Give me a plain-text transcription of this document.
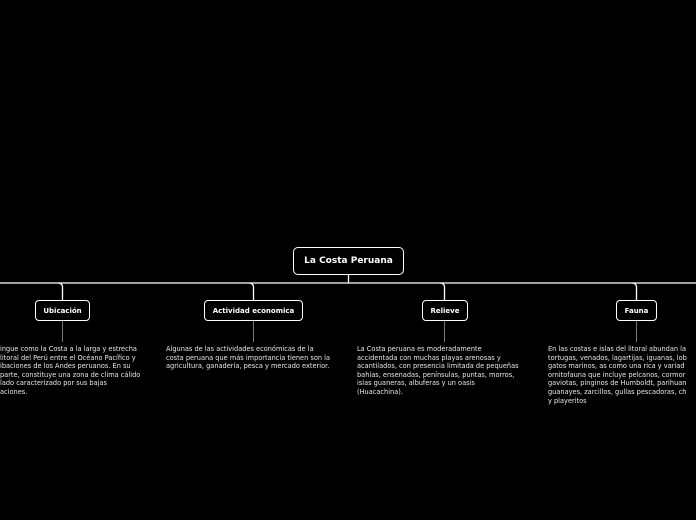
La Costa Peruana
Ubicación	Actividad economica	Relieve	Fauna
ingue como la Costa a la larga y estrecha
litoral del Perú entre el Océano Pacífico y
ibaciones de los Andes peruanos. En su
parte, constituye una zona de clima cálido
lado caracterizado por sus bajas
aciones.
Algunas de las actividades económicas de la
costa peruana que más importancia tienen son la
agricultura, ganadería, pesca y mercado exterior.
La Costa peruana es moderadamente
accidentada con muchas playas arenosas y
acantilados, con presencia limitada de pequeñas
bahías, ensenadas, penínsulas, puntas, morros,
islas guaneras, albuferas y un oasis
(Huacachina).
En las costas e islas del litoral abundan la
tortugas, venados, lagartijas, iguanas, lob
gatos marinos, as como una rica y variad
ornitofauna que incluye pelcanos, cormor
gaviotas, pinginos de Humboldt, parihuan
guanayes, zarcillos, gullas pescadoras, ch
y playeritos
